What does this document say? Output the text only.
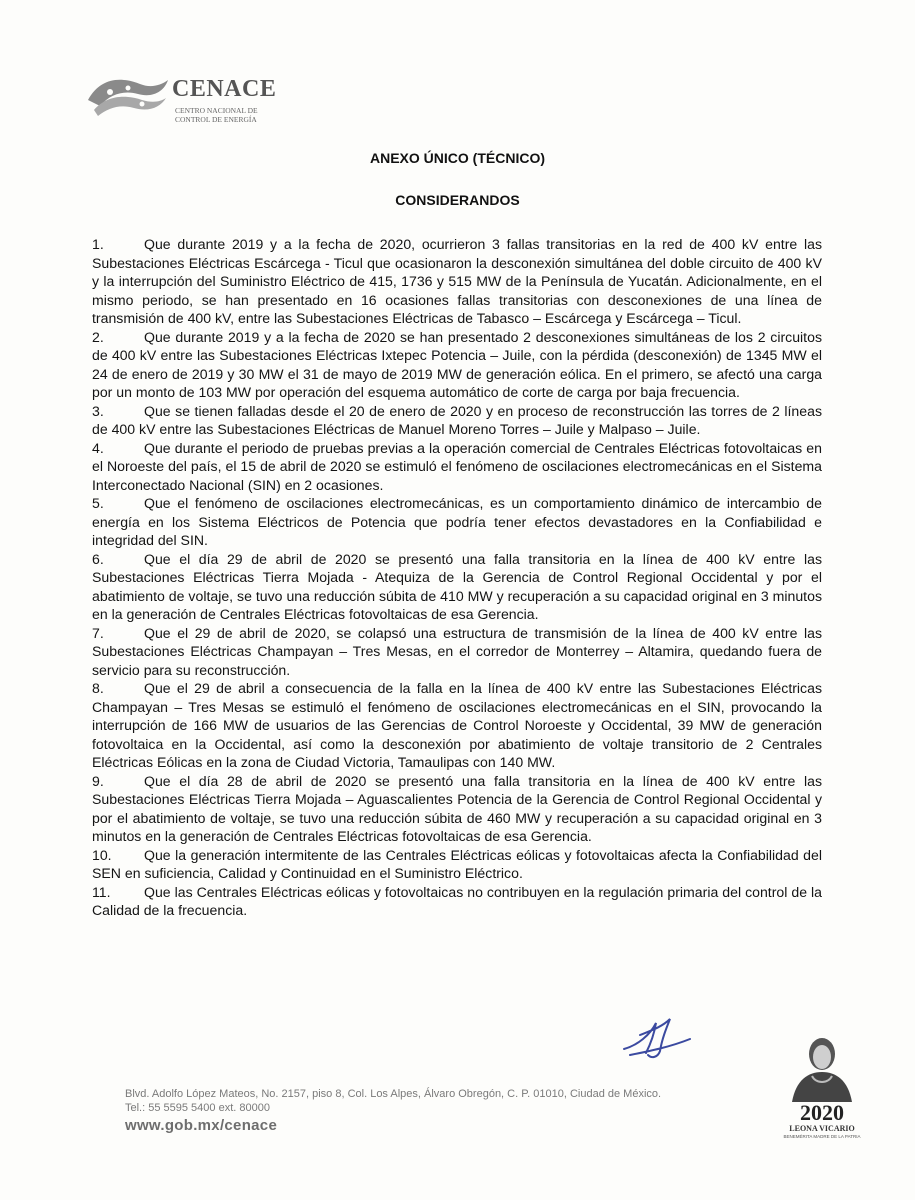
CENACE
CENTRO NACIONAL DE
CONTROL DE ENERGÍA
ANEXO ÚNICO (TÉCNICO)
CONSIDERANDOS

1.	Que durante 2019 y a la fecha de 2020, ocurrieron 3 fallas transitorias en la red de 400 kV entre las Subestaciones Eléctricas Escárcega - Ticul que ocasionaron la desconexión simultánea del doble circuito de 400 kV y la interrupción del Suministro Eléctrico de 415, 1736 y 515 MW de la Península de Yucatán. Adicionalmente, en el mismo periodo, se han presentado en 16 ocasiones fallas transitorias con desconexiones de una línea de transmisión de 400 kV, entre las Subestaciones Eléctricas de Tabasco – Escárcega y Escárcega – Ticul.

2.	Que durante 2019 y a la fecha de 2020 se han presentado 2 desconexiones simultáneas de los 2 circuitos de 400 kV entre las Subestaciones Eléctricas Ixtepec Potencia – Juile, con la pérdida (desconexión) de 1345 MW el 24 de enero de 2019 y 30 MW el 31 de mayo de 2019 MW de generación eólica. En el primero, se afectó una carga por un monto de 103 MW por operación del esquema automático de corte de carga por baja frecuencia.

3.	Que se tienen falladas desde el 20 de enero de 2020 y en proceso de reconstrucción las torres de 2 líneas de 400 kV entre las Subestaciones Eléctricas de Manuel Moreno Torres – Juile y Malpaso – Juile.

4.	Que durante el periodo de pruebas previas a la operación comercial de Centrales Eléctricas fotovoltaicas en el Noroeste del país, el 15 de abril de 2020 se estimuló el fenómeno de oscilaciones electromecánicas en el Sistema Interconectado Nacional (SIN) en 2 ocasiones.

5.	Que el fenómeno de oscilaciones electromecánicas, es un comportamiento dinámico de intercambio de energía en los Sistema Eléctricos de Potencia que podría tener efectos devastadores en la Confiabilidad e integridad del SIN.

6.	Que el día 29 de abril de 2020 se presentó una falla transitoria en la línea de 400 kV entre las Subestaciones Eléctricas Tierra Mojada - Atequiza de la Gerencia de Control Regional Occidental y por el abatimiento de voltaje, se tuvo una reducción súbita de 410 MW y recuperación a su capacidad original en 3 minutos en la generación de Centrales Eléctricas fotovoltaicas de esa Gerencia.

7.	Que el 29 de abril de 2020, se colapsó una estructura de transmisión de la línea de 400 kV entre las Subestaciones Eléctricas Champayan – Tres Mesas, en el corredor de Monterrey – Altamira, quedando fuera de servicio para su reconstrucción.

8.	Que el 29 de abril a consecuencia de la falla en la línea de 400 kV entre las Subestaciones Eléctricas Champayan – Tres Mesas se estimuló el fenómeno de oscilaciones electromecánicas en el SIN, provocando la interrupción de 166 MW de usuarios de las Gerencias de Control Noroeste y Occidental, 39 MW de generación fotovoltaica en la Occidental, así como la desconexión por abatimiento de voltaje transitorio de 2 Centrales Eléctricas Eólicas en la zona de Ciudad Victoria, Tamaulipas con 140 MW.

9.	Que el día 28 de abril de 2020 se presentó una falla transitoria en la línea de 400 kV entre las Subestaciones Eléctricas Tierra Mojada – Aguascalientes Potencia de la Gerencia de Control Regional Occidental y por el abatimiento de voltaje, se tuvo una reducción súbita de 460 MW y recuperación a su capacidad original en 3 minutos en la generación de Centrales Eléctricas fotovoltaicas de esa Gerencia.

10. Que la generación intermitente de las Centrales Eléctricas eólicas y fotovoltaicas afecta la Confiabilidad del SEN en suficiencia, Calidad y Continuidad en el Suministro Eléctrico.

11. Que las Centrales Eléctricas eólicas y fotovoltaicas no contribuyen en la regulación primaria del control de la Calidad de la frecuencia.

Blvd. Adolfo López Mateos, No. 2157, piso 8, Col. Los Alpes, Álvaro Obregón, C. P. 01010, Ciudad de México.
Tel.: 55 5595 5400 ext. 80000
www.gob.mx/cenace
2020
LEONA VICARIO
BENEMÉRITA MADRE DE LA PATRIA
